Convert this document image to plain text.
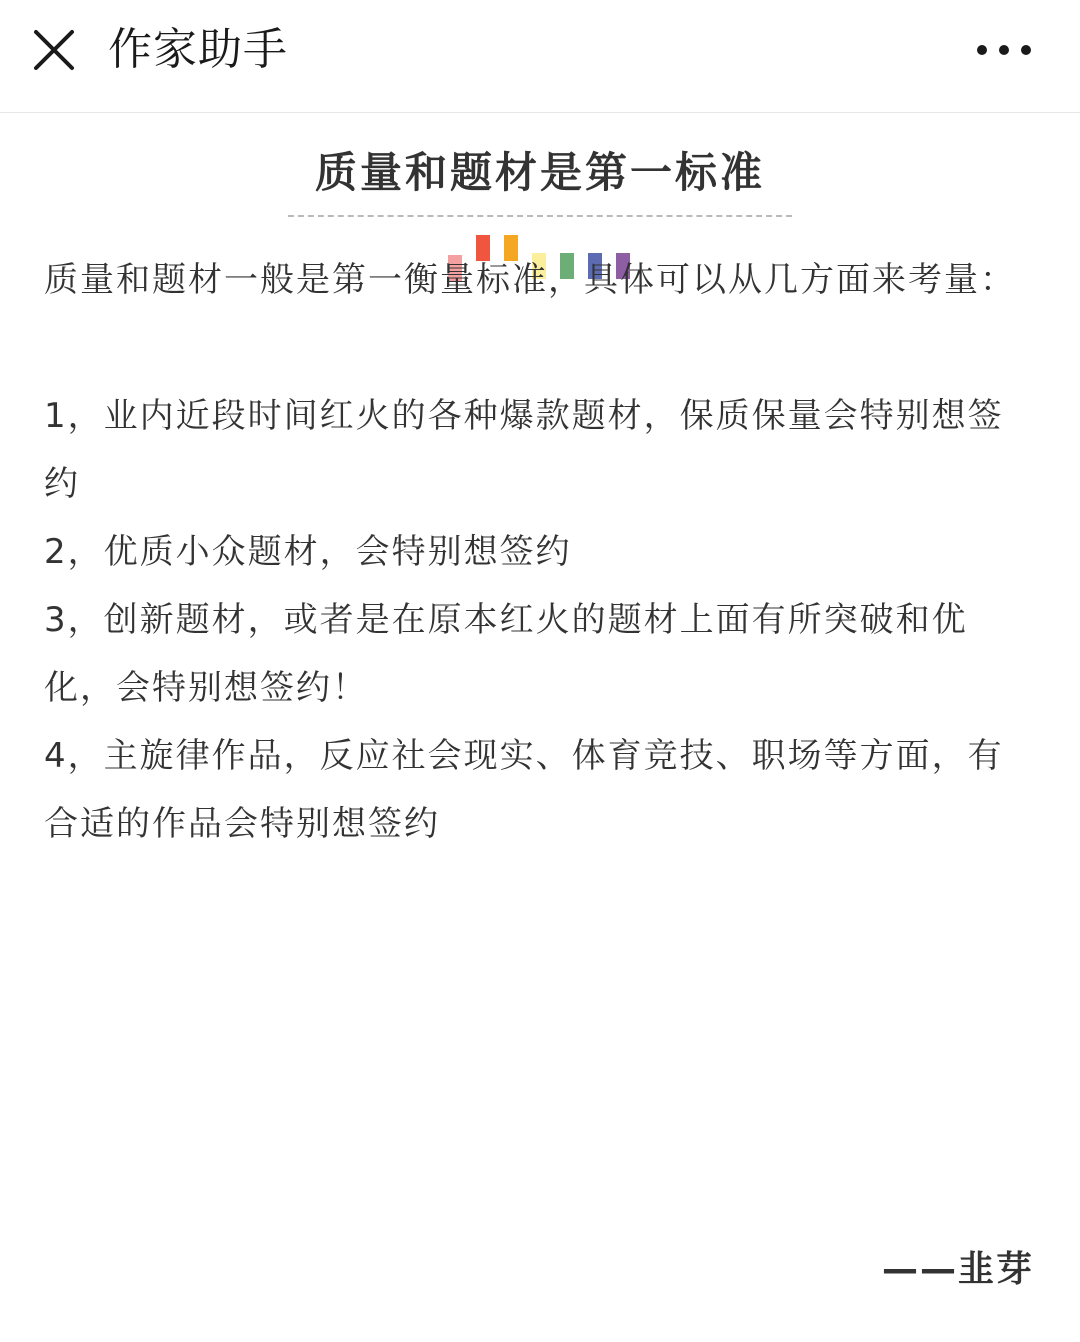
作家助手
质量和题材是第一标准

质量和题材一般是第一衡量标准，具体可以从几方面来考量：

1，业内近段时间红火的各种爆款题材，保质保量会特别想签约

2，优质小众题材，会特别想签约

3，创新题材，或者是在原本红火的题材上面有所突破和优化，会特别想签约！

4，主旋律作品，反应社会现实、体育竞技、职场等方面，有合适的作品会特别想签约

——韭芽
